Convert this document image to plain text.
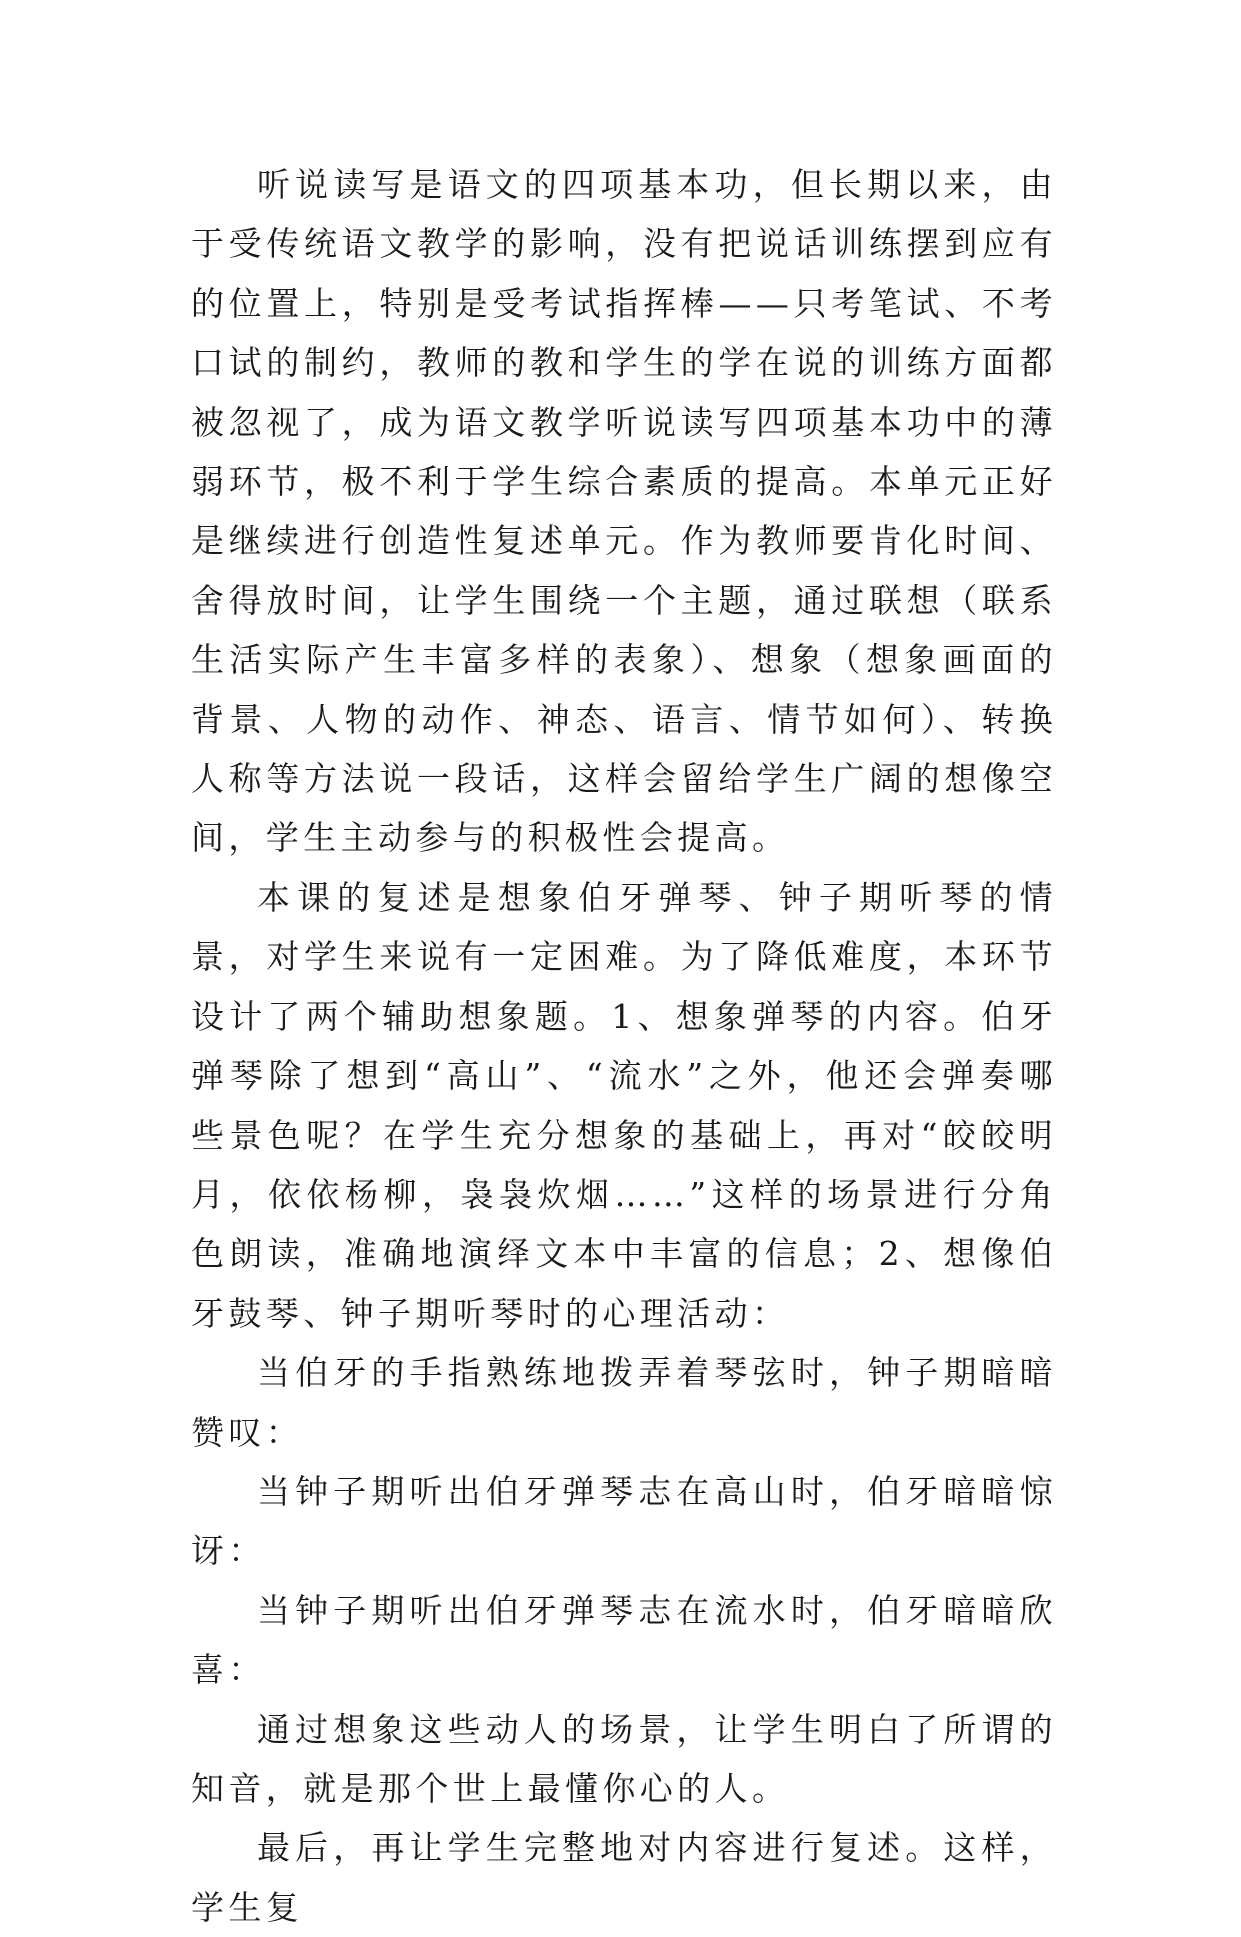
听说读写是语文的四项基本功，但长期以来，由于受传统语文教学的影响，没有把说话训练摆到应有的位置上，特别是受考试指挥棒——只考笔试、不考口试的制约，教师的教和学生的学在说的训练方面都被忽视了，成为语文教学听说读写四项基本功中的薄弱环节，极不利于学生综合素质的提高。本单元正好是继续进行创造性复述单元。作为教师要肯化时间、舍得放时间，让学生围绕一个主题，通过联想（联系生活实际产生丰富多样的表象）、想象（想象画面的背景、人物的动作、神态、语言、情节如何）、转换人称等方法说一段话，这样会留给学生广阔的想像空间，学生主动参与的积极性会提高。

本课的复述是想象伯牙弹琴、钟子期听琴的情景，对学生来说有一定困难。为了降低难度，本环节设计了两个辅助想象题。1、想象弹琴的内容。伯牙弹琴除了想到“高山”、“流水”之外，他还会弹奏哪些景色呢？在学生充分想象的基础上，再对“皎皎明月，依依杨柳，袅袅炊烟……”这样的场景进行分角色朗读，准确地演绎文本中丰富的信息；2、想像伯牙鼓琴、钟子期听琴时的心理活动：

当伯牙的手指熟练地拨弄着琴弦时，钟子期暗暗赞叹：

当钟子期听出伯牙弹琴志在高山时，伯牙暗暗惊讶：

当钟子期听出伯牙弹琴志在流水时，伯牙暗暗欣喜：

通过想象这些动人的场景，让学生明白了所谓的知音，就是那个世上最懂你心的人。

最后，再让学生完整地对内容进行复述。这样，学生复
